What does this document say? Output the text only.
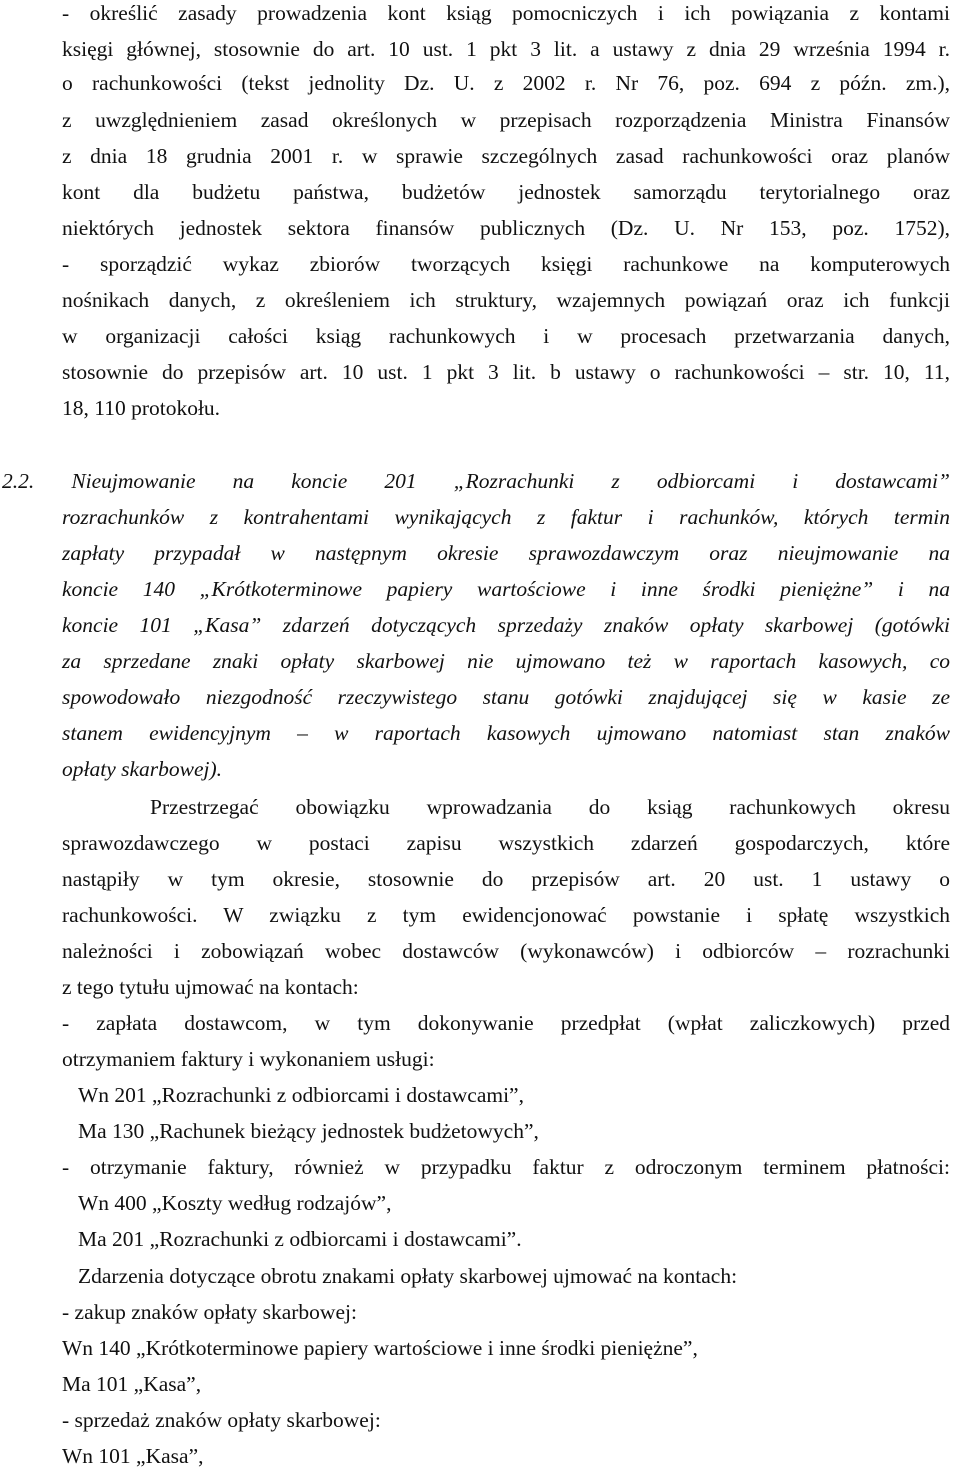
- określić zasady prowadzenia kont ksiąg pomocniczych i ich powiązania z kontami
księgi głównej, stosownie do art. 10 ust. 1 pkt 3 lit. a ustawy z dnia 29 września 1994 r.
o rachunkowości (tekst jednolity Dz. U. z 2002 r. Nr 76, poz. 694 z późn. zm.),
z uwzględnieniem zasad określonych w przepisach rozporządzenia Ministra Finansów
z dnia 18 grudnia 2001 r. w sprawie szczególnych zasad rachunkowości oraz planów
kont dla budżetu państwa, budżetów jednostek samorządu terytorialnego oraz
niektórych jednostek sektora finansów publicznych (Dz. U. Nr 153, poz. 1752),
- sporządzić wykaz zbiorów tworzących księgi rachunkowe na komputerowych
nośnikach danych, z określeniem ich struktury, wzajemnych powiązań oraz ich funkcji
w organizacji całości ksiąg rachunkowych i w procesach przetwarzania danych,
stosownie do przepisów art. 10 ust. 1 pkt 3 lit. b ustawy o rachunkowości – str. 10, 11,
18, 110 protokołu.
2.2. Nieujmowanie na koncie 201 „Rozrachunki z odbiorcami i dostawcami”
rozrachunków z kontrahentami wynikających z faktur i rachunków, których termin
zapłaty przypadał w następnym okresie sprawozdawczym oraz nieujmowanie na
koncie 140 „Krótkoterminowe papiery wartościowe i inne środki pieniężne” i na
koncie 101 „Kasa” zdarzeń dotyczących sprzedaży znaków opłaty skarbowej (gotówki
za sprzedane znaki opłaty skarbowej nie ujmowano też w raportach kasowych, co
spowodowało niezgodność rzeczywistego stanu gotówki znajdującej się w kasie ze
stanem ewidencyjnym – w raportach kasowych ujmowano natomiast stan znaków
opłaty skarbowej).
Przestrzegać obowiązku wprowadzania do ksiąg rachunkowych okresu
sprawozdawczego w postaci zapisu wszystkich zdarzeń gospodarczych, które
nastąpiły w tym okresie, stosownie do przepisów art. 20 ust. 1 ustawy o
rachunkowości. W związku z tym ewidencjonować powstanie i spłatę wszystkich
należności i zobowiązań wobec dostawców (wykonawców) i odbiorców – rozrachunki
z tego tytułu ujmować na kontach:
- zapłata dostawcom, w tym dokonywanie przedpłat (wpłat zaliczkowych) przed
otrzymaniem faktury i wykonaniem usługi:
Wn 201 „Rozrachunki z odbiorcami i dostawcami”,
Ma 130 „Rachunek bieżący jednostek budżetowych”,
- otrzymanie faktury, również w przypadku faktur z odroczonym terminem płatności:
Wn 400 „Koszty według rodzajów”,
Ma 201 „Rozrachunki z odbiorcami i dostawcami”.
Zdarzenia dotyczące obrotu znakami opłaty skarbowej ujmować na kontach:
- zakup znaków opłaty skarbowej:
Wn 140 „Krótkoterminowe papiery wartościowe i inne środki pieniężne”,
Ma 101 „Kasa”,
- sprzedaż znaków opłaty skarbowej:
Wn 101 „Kasa”,
